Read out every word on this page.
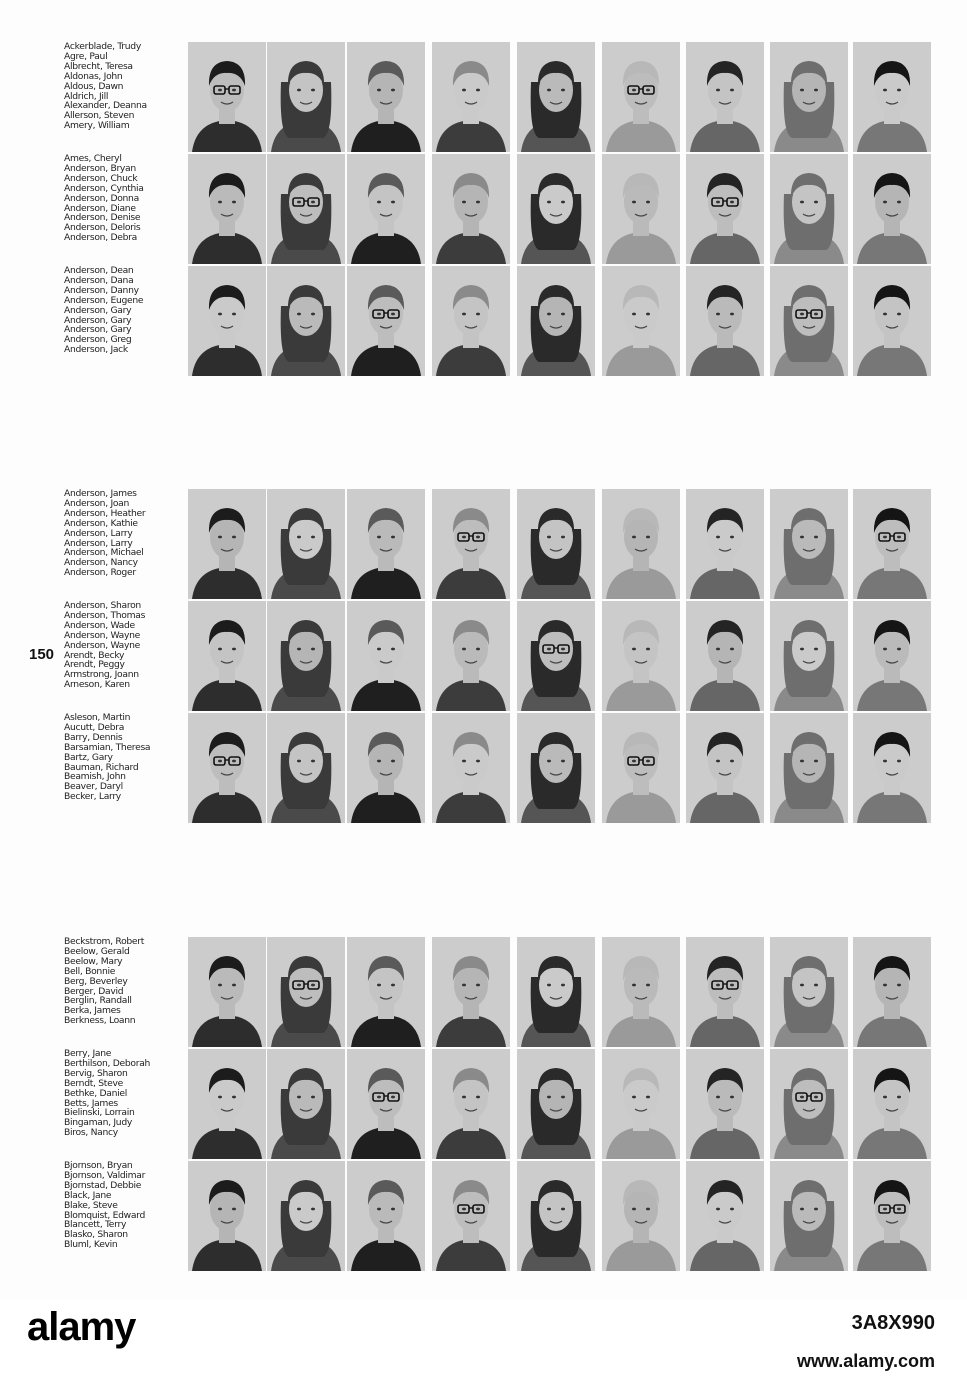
150
Ackerblade, Trudy
Agre, Paul
Albrecht, Teresa
Aldonas, John
Aldous, Dawn
Aldrich, Jill
Alexander, Deanna
Allerson, Steven
Amery, William
Ames, Cheryl
Anderson, Bryan
Anderson, Chuck
Anderson, Cynthia
Anderson, Donna
Anderson, Diane
Anderson, Denise
Anderson, Deloris
Anderson, Debra
Anderson, Dean
Anderson, Dana
Anderson, Danny
Anderson, Eugene
Anderson, Gary
Anderson, Gary
Anderson, Gary
Anderson, Greg
Anderson, Jack
Anderson, James
Anderson, Joan
Anderson, Heather
Anderson, Kathie
Anderson, Larry
Anderson, Larry
Anderson, Michael
Anderson, Nancy
Anderson, Roger
Anderson, Sharon
Anderson, Thomas
Anderson, Wade
Anderson, Wayne
Anderson, Wayne
Arendt, Becky
Arendt, Peggy
Armstrong, Joann
Arneson, Karen
Asleson, Martin
Aucutt, Debra
Barry, Dennis
Barsamian, Theresa
Bartz, Gary
Bauman, Richard
Beamish, John
Beaver, Daryl
Becker, Larry
Beckstrom, Robert
Beelow, Gerald
Beelow, Mary
Bell, Bonnie
Berg, Beverley
Berger, David
Berglin, Randall
Berka, James
Berkness, Loann
Berry, Jane
Berthilson, Deborah
Bervig, Sharon
Berndt, Steve
Bethke, Daniel
Betts, James
Bielinski, Lorrain
Bingaman, Judy
Biros, Nancy
Bjornson, Bryan
Bjornson, Valdimar
Bjornstad, Debbie
Black, Jane
Blake, Steve
Blomquist, Edward
Blancett, Terry
Blasko, Sharon
Bluml, Kevin
alamy	3A8X990
www.alamy.com
